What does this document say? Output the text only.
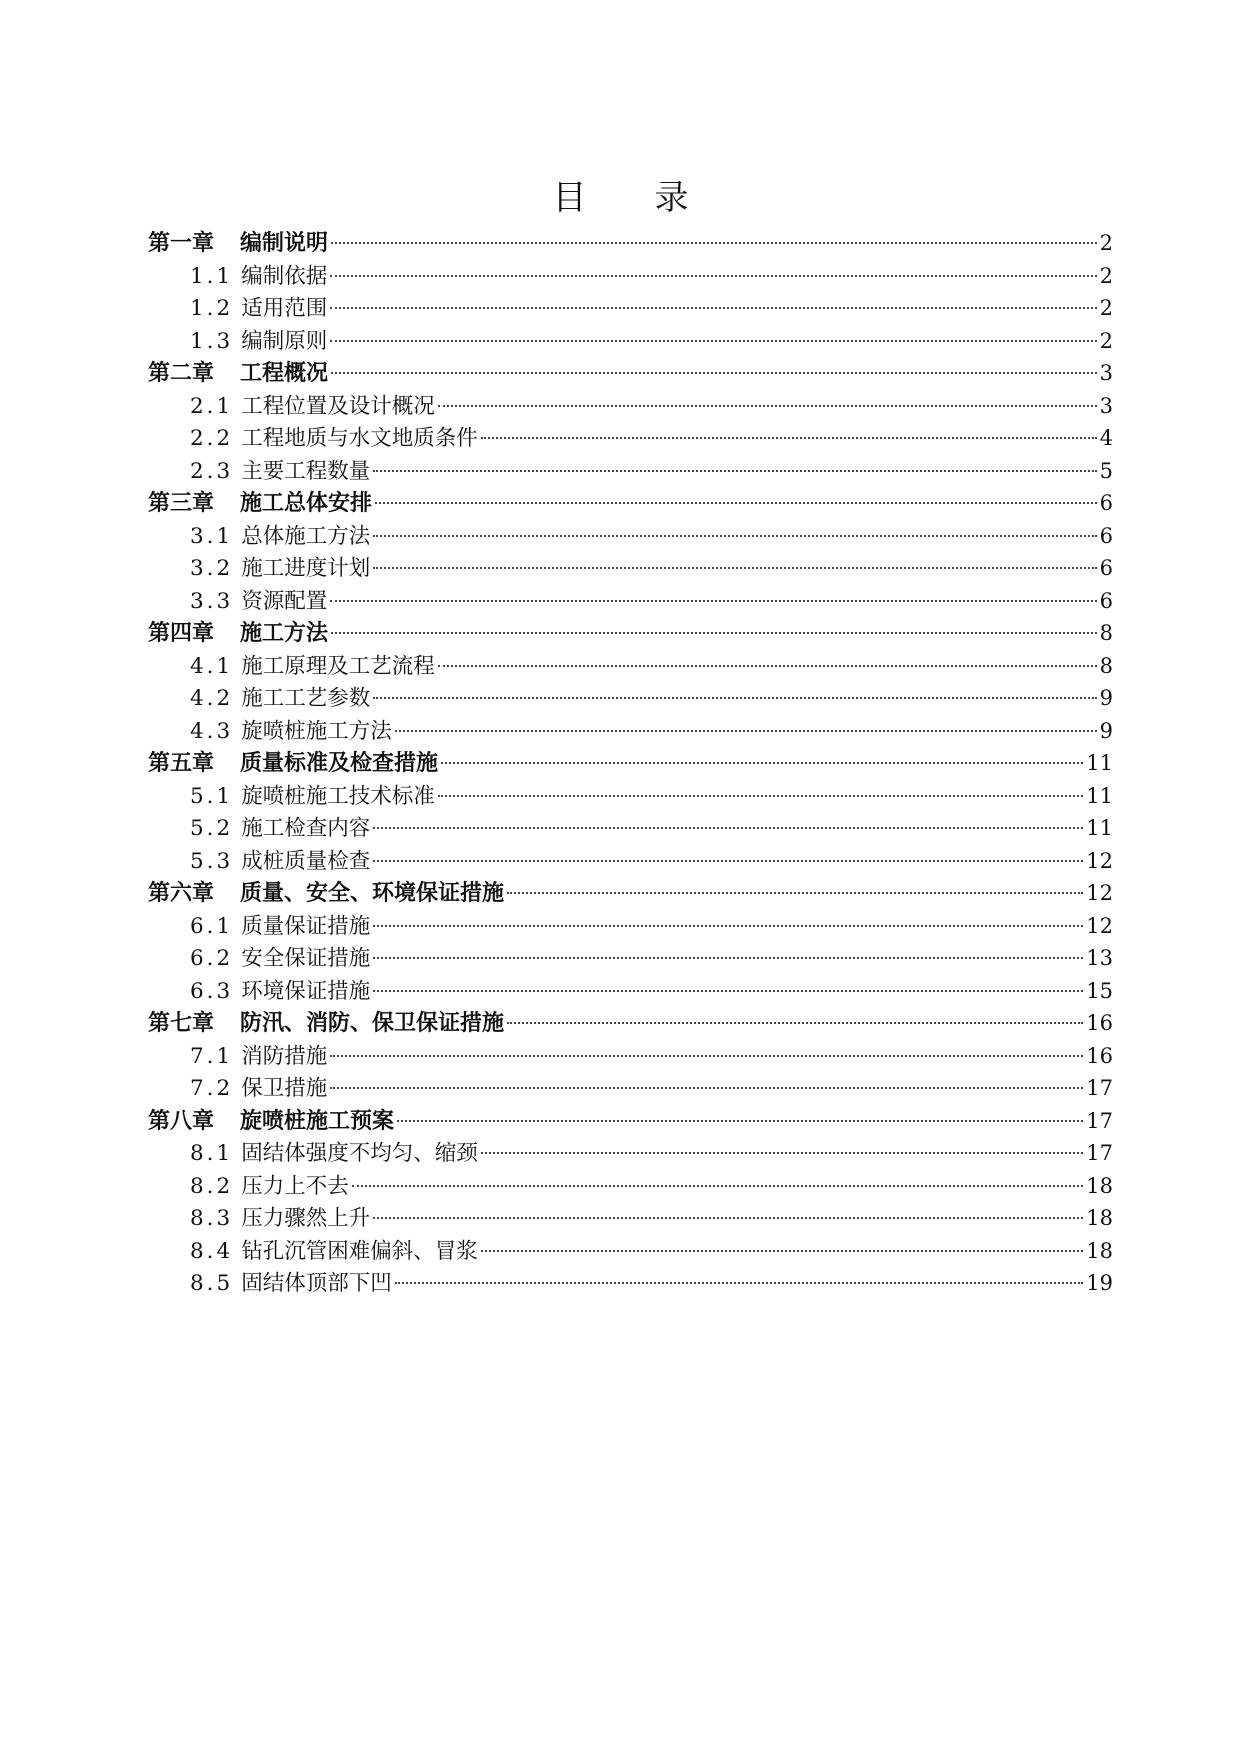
目 录
第一章 编制说明	2
1.1 编制依据	2
1.2 适用范围	2
1.3 编制原则	2
第二章 工程概况	3
2.1 工程位置及设计概况	3
2.2 工程地质与水文地质条件	4
2.3 主要工程数量	5
第三章 施工总体安排	6
3.1 总体施工方法	6
3.2 施工进度计划	6
3.3 资源配置	6
第四章 施工方法	8
4.1 施工原理及工艺流程	8
4.2 施工工艺参数	9
4.3 旋喷桩施工方法	9
第五章 质量标准及检查措施	11
5.1 旋喷桩施工技术标准	11
5.2 施工检查内容	11
5.3 成桩质量检查	12
第六章 质量、安全、环境保证措施	12
6.1 质量保证措施	12
6.2 安全保证措施	13
6.3 环境保证措施	15
第七章 防汛、消防、保卫保证措施	16
7.1 消防措施	16
7.2 保卫措施	17
第八章 旋喷桩施工预案	17
8.1 固结体强度不均匀、缩颈	17
8.2 压力上不去	18
8.3 压力骤然上升	18
8.4 钻孔沉管困难偏斜、冒浆	18
8.5 固结体顶部下凹	19
